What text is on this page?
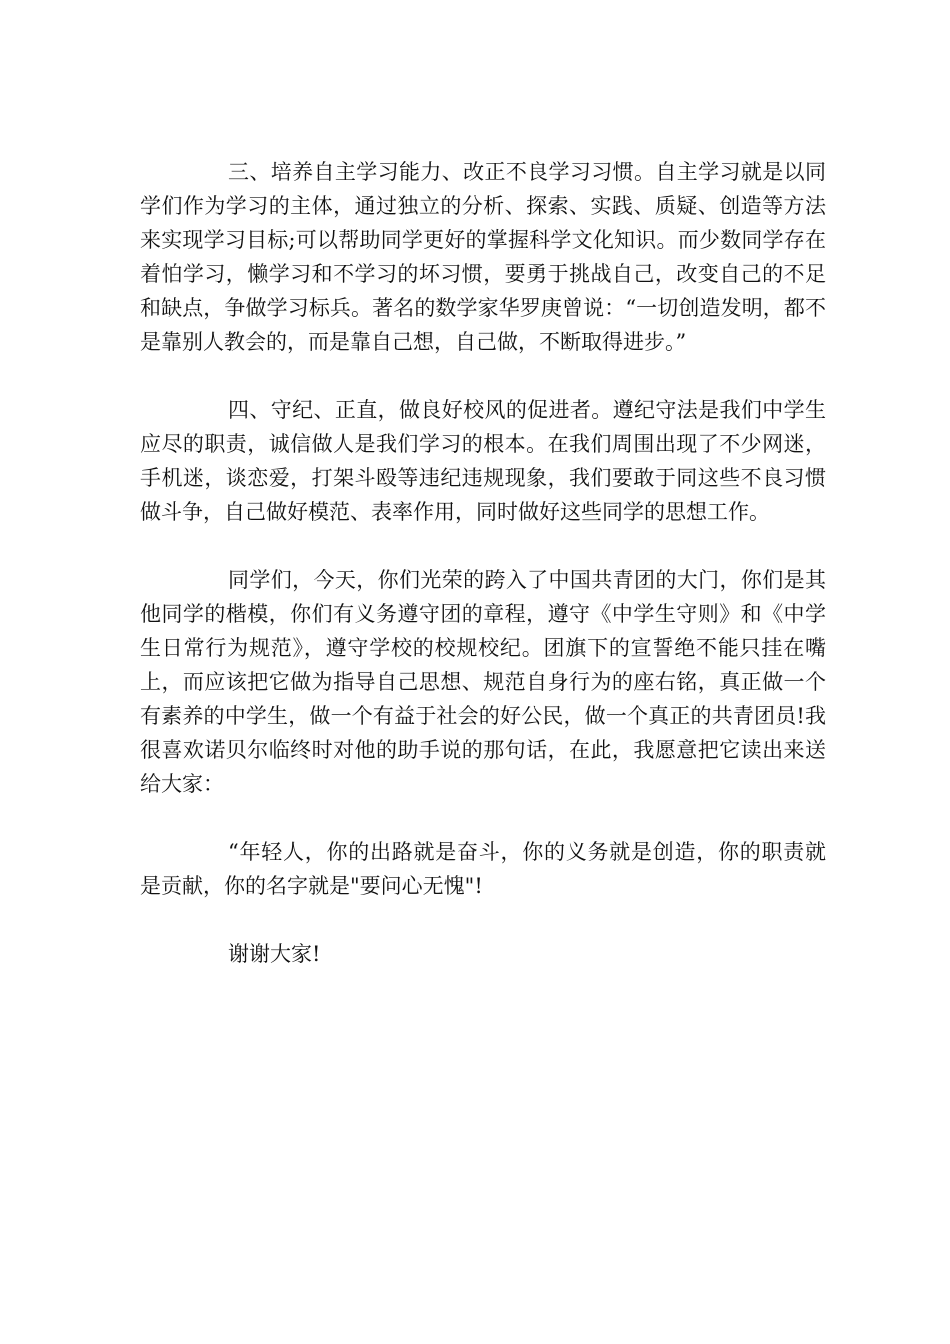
三、培养自主学习能力、改正不良学习习惯。自主学习就是以同学们作为学习的主体，通过独立的分析、探索、实践、质疑、创造等方法来实现学习目标;可以帮助同学更好的掌握科学文化知识。而少数同学存在着怕学习，懒学习和不学习的坏习惯，要勇于挑战自己，改变自己的不足和缺点，争做学习标兵。著名的数学家华罗庚曾说：“一切创造发明，都不是靠别人教会的，而是靠自己想，自己做，不断取得进步。”

四、守纪、正直，做良好校风的促进者。遵纪守法是我们中学生应尽的职责，诚信做人是我们学习的根本。在我们周围出现了不少网迷，手机迷，谈恋爱，打架斗殴等违纪违规现象，我们要敢于同这些不良习惯做斗争，自己做好模范、表率作用，同时做好这些同学的思想工作。

同学们，今天，你们光荣的跨入了中国共青团的大门，你们是其他同学的楷模，你们有义务遵守团的章程，遵守《中学生守则》和《中学生日常行为规范》，遵守学校的校规校纪。团旗下的宣誓绝不能只挂在嘴上，而应该把它做为指导自己思想、规范自身行为的座右铭，真正做一个有素养的中学生，做一个有益于社会的好公民，做一个真正的共青团员!我很喜欢诺贝尔临终时对他的助手说的那句话，在此，我愿意把它读出来送给大家：

“年轻人，你的出路就是奋斗，你的义务就是创造，你的职责就是贡献，你的名字就是"要问心无愧"!

谢谢大家!
